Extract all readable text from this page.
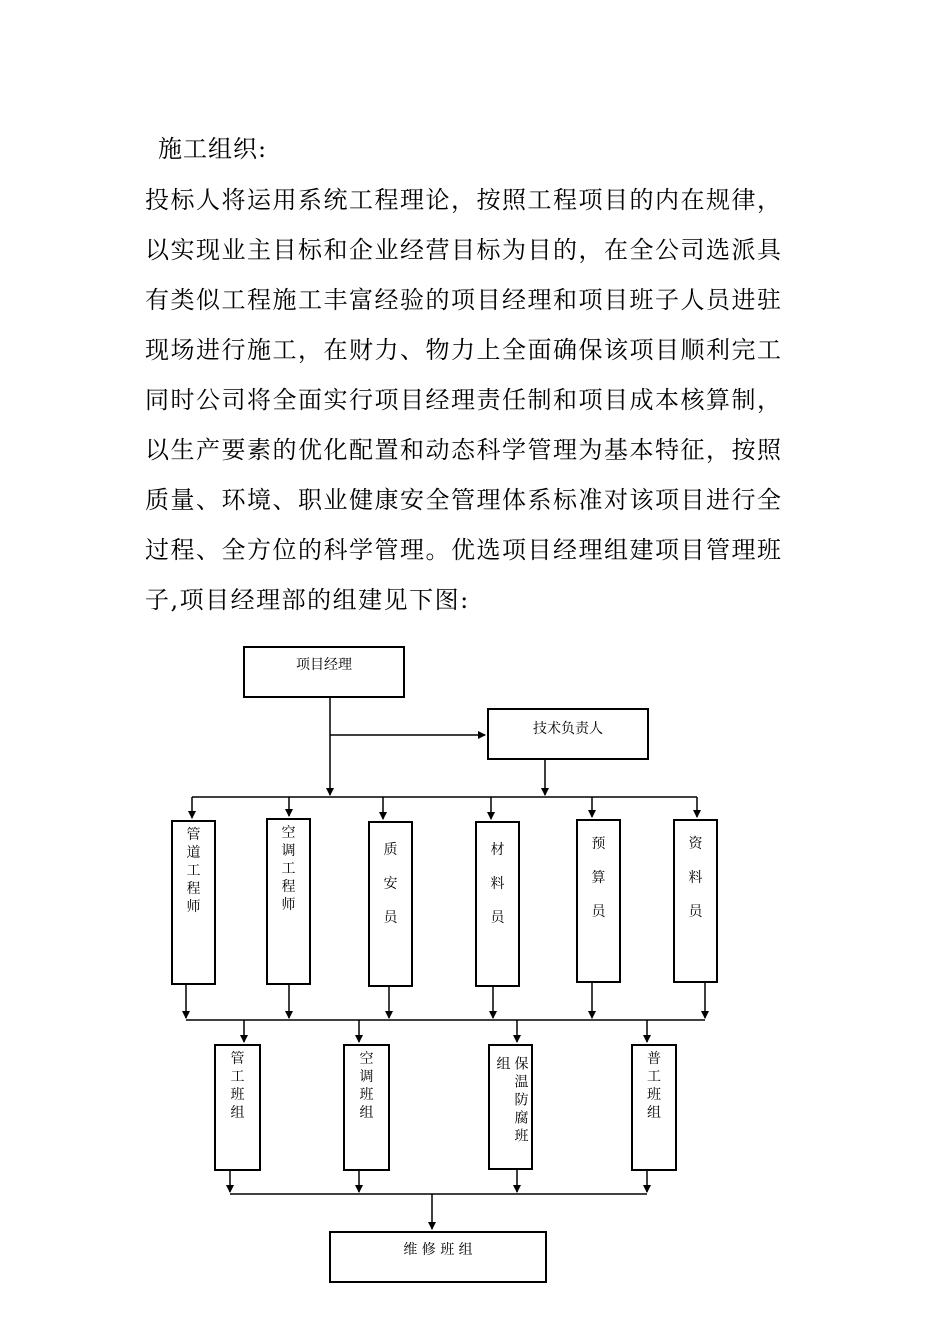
施工组织:
投标人将运用系统工程理论，按照工程项目的内在规律，
以实现业主目标和企业经营目标为目的，在全公司选派具
有类似工程施工丰富经验的项目经理和项目班子人员进驻
现场进行施工，在财力、物力上全面确保该项目顺利完工
同时公司将全面实行项目经理责任制和项目成本核算制，
以生产要素的优化配置和动态科学管理为基本特征，按照
质量、环境、职业健康安全管理体系标准对该项目进行全
过程、全方位的科学管理。优选项目经理组建项目管理班
子,项目经理部的组建见下图:
项目经理
技术负责人
管道工程师
空调工程师
质安员
材料员
预算员
资料员
管工班组
空调班组	保温防腐班组	普工班组
维 修 班 组
